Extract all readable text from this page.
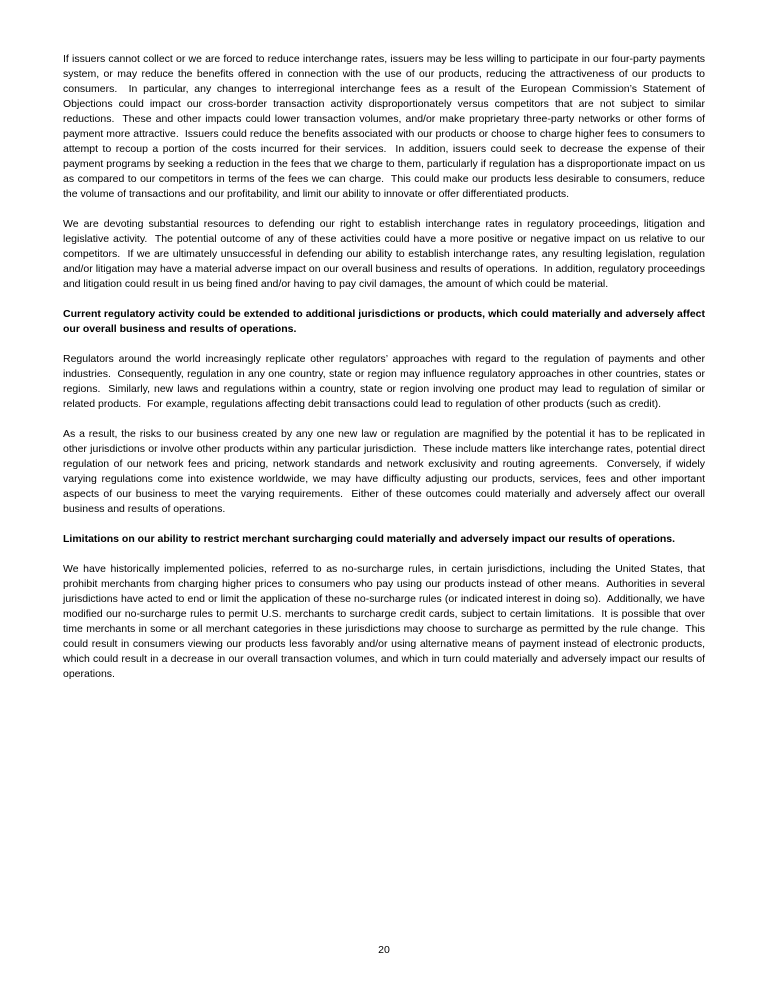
If issuers cannot collect or we are forced to reduce interchange rates, issuers may be less willing to participate in our four-party payments system, or may reduce the benefits offered in connection with the use of our products, reducing the attractiveness of our products to consumers.  In particular, any changes to interregional interchange fees as a result of the European Commission’s Statement of Objections could impact our cross-border transaction activity disproportionately versus competitors that are not subject to similar reductions.  These and other impacts could lower transaction volumes, and/or make proprietary three-party networks or other forms of payment more attractive.  Issuers could reduce the benefits associated with our products or choose to charge higher fees to consumers to attempt to recoup a portion of the costs incurred for their services.  In addition, issuers could seek to decrease the expense of their payment programs by seeking a reduction in the fees that we charge to them, particularly if regulation has a disproportionate impact on us as compared to our competitors in terms of the fees we can charge.  This could make our products less desirable to consumers, reduce the volume of transactions and our profitability, and limit our ability to innovate or offer differentiated products.

We are devoting substantial resources to defending our right to establish interchange rates in regulatory proceedings, litigation and legislative activity.  The potential outcome of any of these activities could have a more positive or negative impact on us relative to our competitors.  If we are ultimately unsuccessful in defending our ability to establish interchange rates, any resulting legislation, regulation and/or litigation may have a material adverse impact on our overall business and results of operations.  In addition, regulatory proceedings and litigation could result in us being fined and/or having to pay civil damages, the amount of which could be material.

Current regulatory activity could be extended to additional jurisdictions or products, which could materially and adversely affect our overall business and results of operations.

Regulators around the world increasingly replicate other regulators’ approaches with regard to the regulation of payments and other industries.  Consequently, regulation in any one country, state or region may influence regulatory approaches in other countries, states or regions.  Similarly, new laws and regulations within a country, state or region involving one product may lead to regulation of similar or related products.  For example, regulations affecting debit transactions could lead to regulation of other products (such as credit).

As a result, the risks to our business created by any one new law or regulation are magnified by the potential it has to be replicated in other jurisdictions or involve other products within any particular jurisdiction.  These include matters like interchange rates, potential direct regulation of our network fees and pricing, network standards and network exclusivity and routing agreements.  Conversely, if widely varying regulations come into existence worldwide, we may have difficulty adjusting our products, services, fees and other important aspects of our business to meet the varying requirements.  Either of these outcomes could materially and adversely affect our overall business and results of operations.

Limitations on our ability to restrict merchant surcharging could materially and adversely impact our results of operations.

We have historically implemented policies, referred to as no-surcharge rules, in certain jurisdictions, including the United States, that prohibit merchants from charging higher prices to consumers who pay using our products instead of other means.  Authorities in several jurisdictions have acted to end or limit the application of these no-surcharge rules (or indicated interest in doing so).  Additionally, we have modified our no-surcharge rules to permit U.S. merchants to surcharge credit cards, subject to certain limitations.  It is possible that over time merchants in some or all merchant categories in these jurisdictions may choose to surcharge as permitted by the rule change.  This could result in consumers viewing our products less favorably and/or using alternative means of payment instead of electronic products, which could result in a decrease in our overall transaction volumes, and which in turn could materially and adversely impact our results of operations.

20
